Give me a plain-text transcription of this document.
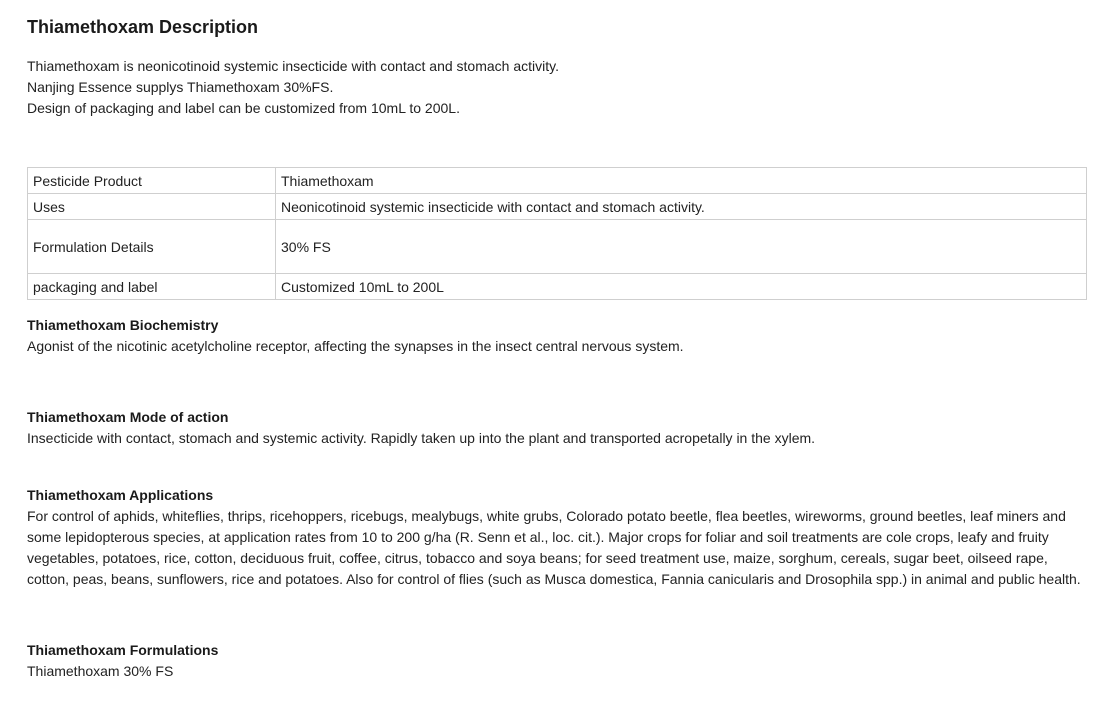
Thiamethoxam Description
Thiamethoxam is neonicotinoid systemic insecticide with contact and stomach activity.
Nanjing Essence supplys Thiamethoxam 30%FS.
Design of packaging and label can be customized from 10mL to 200L.
Pesticide Product	Thiamethoxam
Uses	Neonicotinoid systemic insecticide with contact and stomach activity.
Formulation Details	30% FS
packaging and label	Customized 10mL to 200L
Thiamethoxam Biochemistry

Agonist of the nicotinic acetylcholine receptor, affecting the synapses in the insect central nervous system.

Thiamethoxam Mode of action

Insecticide with contact, stomach and systemic activity. Rapidly taken up into the plant and transported acropetally in the xylem.

Thiamethoxam Applications

For control of aphids, whiteflies, thrips, ricehoppers, ricebugs, mealybugs, white grubs, Colorado potato beetle, flea beetles, wireworms, ground beetles, leaf miners and some lepidopterous species, at application rates from 10 to 200 g/ha (R. Senn et al., loc. cit.). Major crops for foliar and soil treatments are cole crops, leafy and fruity vegetables, potatoes, rice, cotton, deciduous fruit, coffee, citrus, tobacco and soya beans; for seed treatment use, maize, sorghum, cereals, sugar beet, oilseed rape, cotton, peas, beans, sunflowers, rice and potatoes. Also for control of flies (such as Musca domestica, Fannia canicularis and Drosophila spp.) in animal and public health.

Thiamethoxam Formulations

Thiamethoxam 30% FS
